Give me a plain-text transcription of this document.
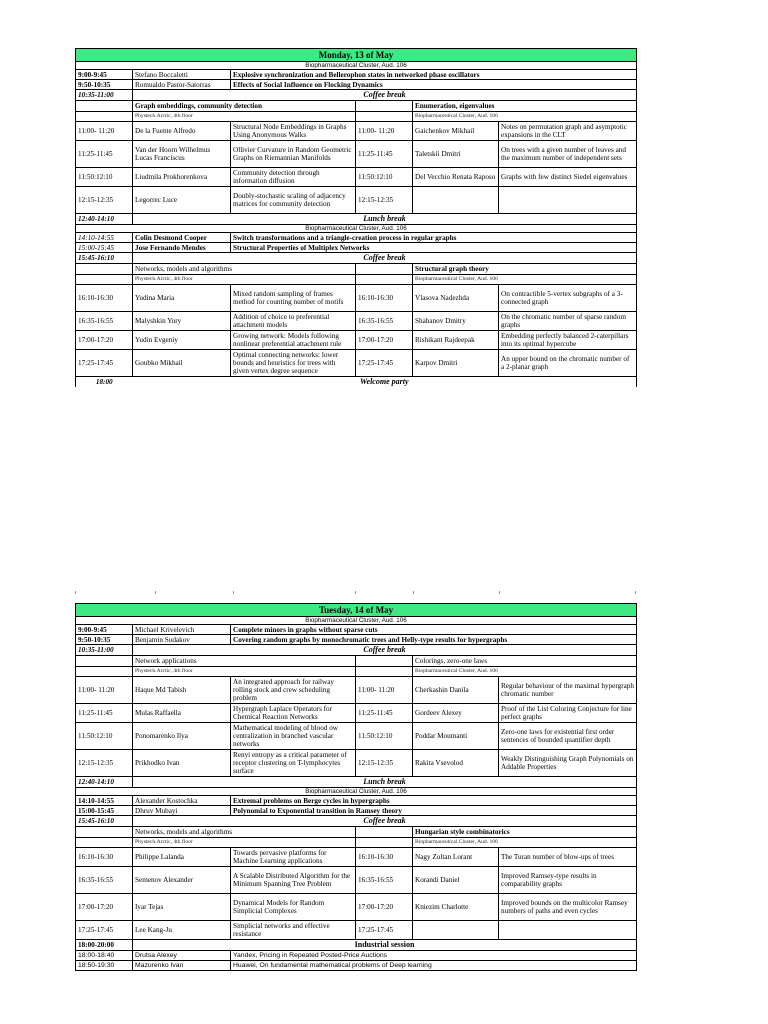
Monday, 13 of May					
Biopharmaceutical Cluster, Aud. 106					
9:00-9:45	Stefano Boccaletti	Explosive synchronization and Bellerophon states in networked phase oscillators			
9:50-10:35	Romualdo Pastor-Satorras	Effects of Social Influence on Flocking Dynamics			
10:35-11:00	Coffee break				
	Graph embeddings, community detection			Enumeration, eigenvalues	
	Phystech.Arctic, 4th floor			Biopharmaceutical Cluster, Aud. 106	
11:00- 11:20	De la Fuente Alfredo	Structural Node Embeddings in Graphs Using Anonymous Walks	11:00- 11:20	Gaichenkov Mikhail	Notes on permutation graph and asymptotic expansions in the CLT
11:25-11:45	Van der Hoorn Wilhelmus Lucas Franciscus	Ollivier Curvature in Random Geometric Graphs on Riemannian Manifolds	11:25-11:45	Taletskii Dmitri	On trees with a given number of leaves and the maximum number of independent sets
11:50:12:10	Liudmila Prokhorenkova	Community detection through information diffusion	11:50:12:10	Del Vecchio Renata Raposo	Graphs with few distinct Siedel eigenvalues
12:15-12:35	Legorrec Luce	Doubly-stochastic scaling of adjacency matrices for community detection	12:15-12:35		
12:40-14:10	Lunch break				
Biopharmaceutical Cluster, Aud. 106					
14:10-14:55	Colin Desmond Cooper	Switch transformations and a triangle-creation process in regular graphs			
15:00-15:45	Jose Fernando Mendes	Structural Properties of Multiplex Networks			
15:45-16:10	Coffee break				
	Networks, models and algorithms			Structural graph theory	
	Phystech.Arctic, 4th floor			Biopharmaceutical Cluster, Aud. 106	
16:10-16:30	Yudina Maria	Mixed random sampling of frames method for counting number of motifs	16:10-16:30	Vlasova Nadezhda	On contractible 5-vertex subgraphs of a 3-connected graph
16:35-16:55	Malyshkin Yury	Addition of choice to preferential attachment models	16:35-16:55	Shabanov Dmitry	On the chromatic number of sparse random graphs
17:00-17:20	Yudin Evgeniy	Growing network: Models following nonlinear preferential attachment rule	17:00-17:20	Rishikant Rajdeepak	Embedding perfectly balanced 2-caterpillars into its optimal hypercube
17:25-17:45	Goubko Mikhail	Optimal connecting networks: lower bounds and heuristics for trees with given vertex degree sequence	17:25-17:45	Karpov Dmitri	An upper bound on the chromatic number of a 2-planar graph
18:00	Welcome party				
Tuesday, 14 of May					
Biopharmaceutical Cluster, Aud. 106					
9:00-9:45	Michael Krivelevich	Complete minors in graphs without sparse cuts			
9:50-10:35	Benjamin Sudakov	Covering random graphs by monochromatic trees and Helly-type results for hypergraphs			
10:35-11:00	Coffee break				
	Network applications			Colorings, zero-one laws	
	Phystech.Arctic, 4th floor			Biopharmaceutical Cluster, Aud. 106	
11:00- 11:20	Haque Md Tabish	An integrated approach for railway rolling stock and crew scheduling problem	11:00- 11:20	Cherkashin Danila	Regular behaviour of the maximal hypergraph chromatic number
11:25-11:45	Mulas Raffaella	Hypergraph Laplace Operators for Chemical Reaction Networks	11:25-11:45	Gordeev Alexey	Proof of the List Coloring Conjecture for line perfect graphs
11:50:12:10	Ponomarenko Ilya	Mathematical modeling of blood ow centralization in branched vascular networks	11:50:12:10	Poddar Moumanti	Zero-one laws for existential first order sentences of bounded quantifier depth
12:15-12:35	Prikhodko Ivan	Renyi entropy as a critical parameter of receptor clustering on T-lymphocytes surface	12:15-12:35	Rakita Vsevolod	Weakly Distinguishing Graph Polynomials on Addable Properties
12:40-14:10	Lunch break				
Biopharmaceutical Cluster, Aud. 106					
14:10-14:55	Alexander Kostochka	Extremal problems on Berge cycles in hypergraphs			
15:00-15:45	Dhruv Mubayi	Polynomial to Exponential transition in Ramsey theory			
15:45-16:10	Coffee break				
	Networks, models and algorithms			Hungarian style combinatorics	
	Phystech.Arctic, 4th floor			Biopharmaceutical Cluster, Aud. 106	
16:10-16:30	Philippe Lalanda	Towards pervasive platforms for Machine Learning applications	16:10-16:30	Nagy Zoltan Lorant	The Turan number of blow-ups of trees
16:35-16:55	Semenov Alexander	A Scalable Distributed Algorithm for the Minimum Spanning Tree Problem	16:35-16:55	Korandi Daniel	Improved Ramsey-type results in comparability graphs
17:00-17:20	Iyar Tejas	Dynamical Models for Random Simplicial Complexes	17:00-17:20	Kniezim Charlotte	Improved bounds on the multicolor Ramsey numbers of paths and even cycles
17:25-17:45	Lee Kang-Ju	Simplicial networks and effective resistance	17:25-17:45		
18:00-20:00	Industrial session				
18:00-18:40	Drutsa Alexey	Yandex, Pricing in Repeated Posted-Price Auctions			
18:50-19:30	Mazurenko Ivan	Huawei, On fundamental mathematical problems of Deep learning			
